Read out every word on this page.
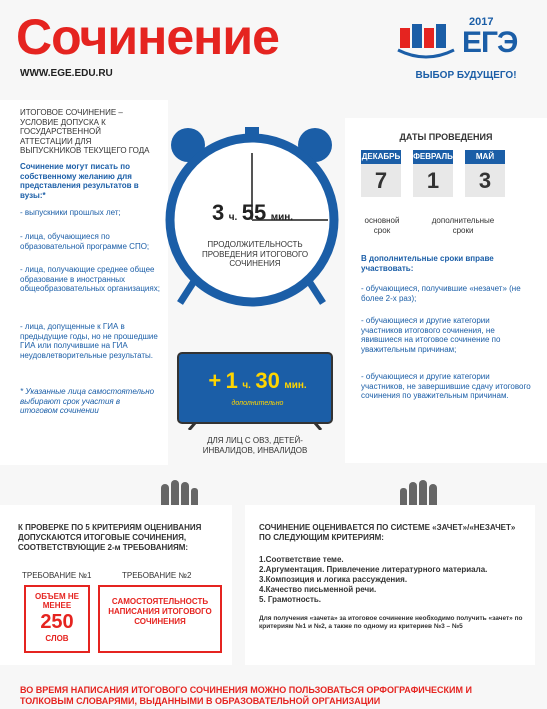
Сочинение
WWW.EGE.EDU.RU
2017
ЕГЭ
ВЫБОР БУДУЩЕГО!
ИТОГОВОЕ СОЧИНЕНИЕ – УСЛОВИЕ ДОПУСКА К ГОСУДАРСТВЕННОЙ АТТЕСТАЦИИ ДЛЯ ВЫПУСКНИКОВ ТЕКУЩЕГО ГОДА
Сочинение могут писать по собственному желанию для представления результатов в вузы:*
- выпускники прошлых лет;
- лица, обучающиеся по образовательной программе СПО;
- лица, получающие среднее общее образование в иностранных общеобразовательных организациях;
- лица, допущенные к ГИА в предыдущие годы, но не прошедшие ГИА или получившие на ГИА неудовлетворительные результаты.
* Указанные лица самостоятельно выбирают срок участия в итоговом сочинении
3 ч. 55 мин.
ПРОДОЛЖИТЕЛЬНОСТЬ ПРОВЕДЕНИЯ ИТОГОВОГО СОЧИНЕНИЯ
+ 1 ч. 30 мин.
дополнительно
ДЛЯ ЛИЦ С ОВЗ, ДЕТЕЙ-ИНВАЛИДОВ, ИНВАЛИДОВ
ДАТЫ ПРОВЕДЕНИЯ
ДЕКАБРЬ
7
ФЕВРАЛЬ
1
МАЙ
3
основной срок
дополнительные сроки
В дополнительные сроки вправе участвовать:
- обучающиеся, получившие «незачет» (не более 2-х раз);
- обучающиеся и другие категории участников итогового сочинения, не явившиеся на итоговое сочинение по уважительным причинам;
- обучающиеся и другие категории участников, не завершившие сдачу итогового сочинения по уважительным причинам.
К ПРОВЕРКЕ ПО 5 КРИТЕРИЯМ ОЦЕНИВАНИЯ ДОПУСКАЮТСЯ ИТОГОВЫЕ СОЧИНЕНИЯ, СООТВЕТСТВУЮЩИЕ 2-м ТРЕБОВАНИЯМ:
ТРЕБОВАНИЕ №1	ТРЕБОВАНИЕ №2
ОБЪЕМ НЕ МЕНЕЕ
250
СЛОВ
САМОСТОЯТЕЛЬНОСТЬ НАПИСАНИЯ ИТОГОВОГО СОЧИНЕНИЯ
СОЧИНЕНИЕ ОЦЕНИВАЕТСЯ ПО СИСТЕМЕ «ЗАЧЕТ»/«НЕЗАЧЕТ» ПО СЛЕДУЮЩИМ КРИТЕРИЯМ:
1.Соответствие теме.
2.Аргументация. Привлечение литературного материала.
3.Композиция и логика рассуждения.
4.Качество письменной речи.
5. Грамотность.
Для получения «зачета» за итоговое сочинение необходимо получить «зачет» по критериям №1 и №2, а также по одному из критериев №3 – №5
ВО ВРЕМЯ НАПИСАНИЯ ИТОГОВОГО СОЧИНЕНИЯ МОЖНО ПОЛЬЗОВАТЬСЯ ОРФОГРАФИЧЕСКИМ И ТОЛКОВЫМ СЛОВАРЯМИ, ВЫДАННЫМИ В ОБРАЗОВАТЕЛЬНОЙ ОРГАНИЗАЦИИ
